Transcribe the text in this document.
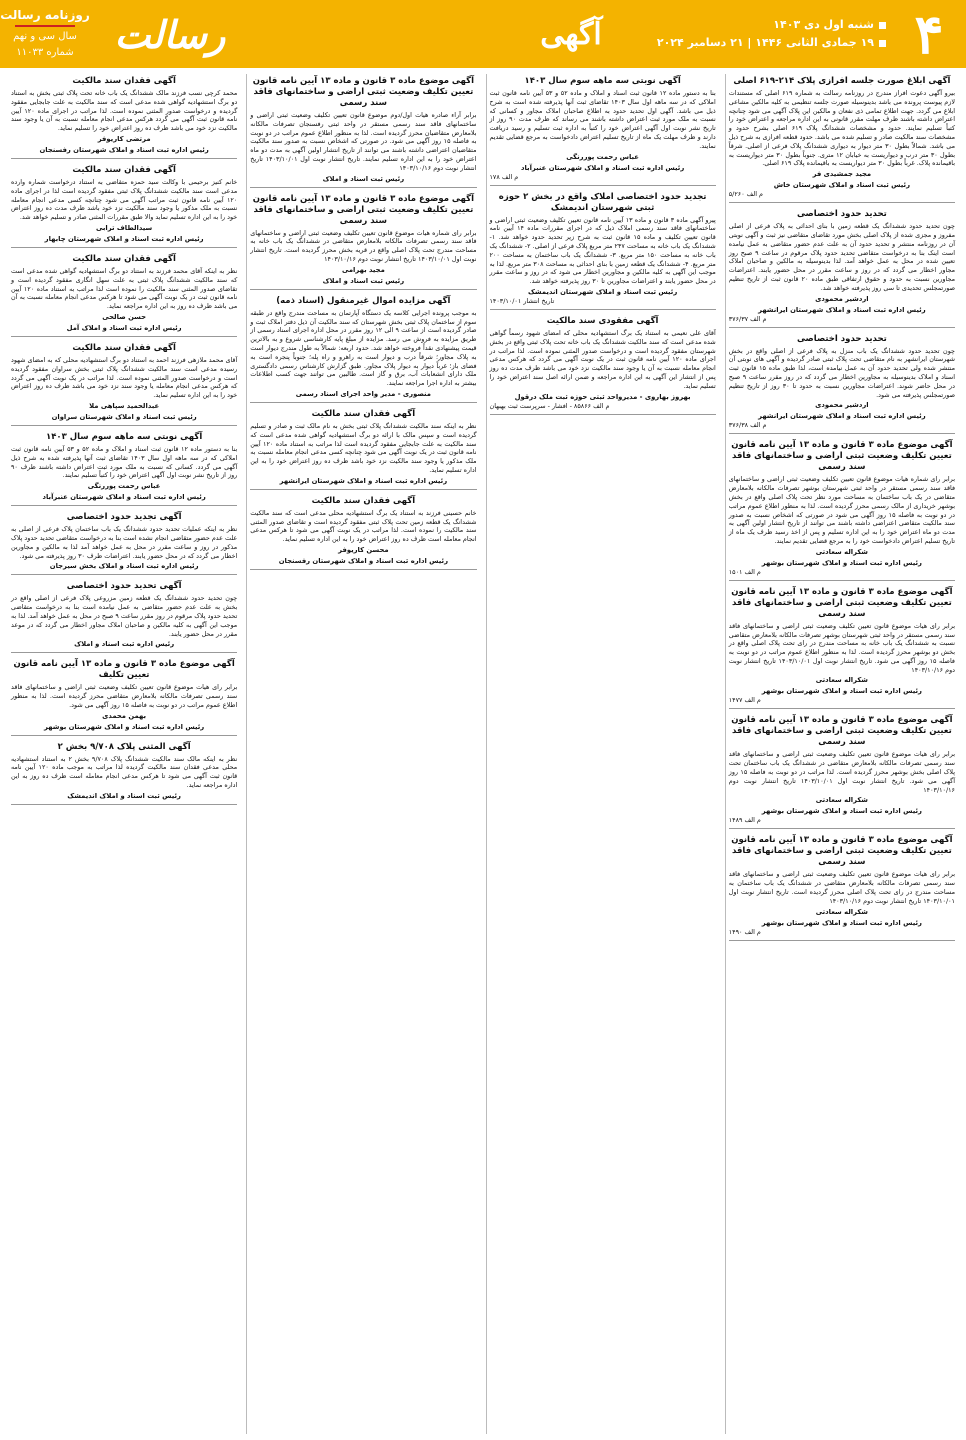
۴
شنبه اول دی ۱۴۰۳
۱۹ جمادی الثانی ۱۴۴۶ | ۲۱ دسامبر ۲۰۲۴
آگهی
رسالت
روزنامه رسالت
سال سی و نهم
شماره ۱۱۰۳۳
آگهی ابلاغ صورت جلسه افرازی پلاک ۲۱۴-۶۱۹ اصلی

بیرو آگهی دعوت افراز مندرج در روزنامه رسالت به شماره ۶۱۹ اصلی که مستندات لازم پیوست پرونده می باشد بدینوسیله صورت جلسه تنظیمی به کلیه مالکین مشاعی ابلاغ می گردد. جهت اطلاع تمامی ذی نفعان و مالکین این پلاک آگهی می شود چنانچه اعتراض داشته باشند ظرف مهلت مقرر قانونی به این اداره مراجعه و اعتراض خود را کتباً تسلیم نمایند. حدود و مشخصات ششدانگ پلاک ۶۱۹ اصلی بشرح حدود و مشخصات سند مالکیت صادر و تسلیم شده می باشد. حدود قطعه افرازی به شرح ذیل می باشد. شمالاً بطول ۳۰ متر دیوار به دیواری ششدانگ پلاک فرعی از اصلی. شرقاً بطول ۳۰ متر درب و دیواریست به خیابان ۱۲ متری. جنوباً بطول ۳۰ متر دیواریست به باقیمانده پلاک. غرباً بطول ۳۰ متر دیواریست به باقیمانده پلاک ۶۱۹ اصلی.

مجید جمشیدی فر
رئیس ثبت اسناد و املاک شهرستان خاش
م الف ۵/۲۶۰
تحدید حدود اختصاصی

چون تحدید حدود ششدانگ یک قطعه زمین با بنای احداثی به پلاک فرعی از اصلی مفروز و مجزی شده از پلاک اصلی بخش مورد تقاضای متقاضی نیز ثبت و آگهی نوبتی آن در روزنامه منتشر و تحدید حدود آن به علت عدم حضور متقاضی به عمل نیامده است اینک بنا به درخواست متقاضی تحدید حدود پلاک مرقوم در ساعت ۹ صبح روز تعیین شده در محل به عمل خواهد آمد. لذا بدینوسیله به مالکین و صاحبان املاک مجاور اخطار می گردد که در روز و ساعت مقرر در محل حضور یابند. اعتراضات مجاورین نسبت به حدود و حقوق ارتفاقی طبق ماده ۲۰ قانون ثبت از تاریخ تنظیم صورتمجلس تحدیدی تا سی روز پذیرفته خواهد شد.

اردشیر محمودی
رئیس اداره ثبت اسناد و املاک شهرستان ایرانشهر
م الف ۳۷۶/۳۷
تحدید حدود اختصاصی

چون تحدید حدود ششدانگ یک باب منزل به پلاک فرعی از اصلی واقع در بخش شهرستان ایرانشهر به نام متقاضی تحت پلاک ثبتی صادر گردیده و آگهی های نوبتی آن منتشر شده ولی تحدید حدود آن به عمل نیامده است، لذا طبق ماده ۱۵ قانون ثبت اسناد و املاک بدینوسیله به مجاورین اخطار می گردد که در روز مقرر ساعت ۹ صبح در محل حاضر شوند. اعتراضات مجاورین نسبت به حدود تا ۳۰ روز از تاریخ تنظیم صورتمجلس پذیرفته می شود.

اردشیر محمودی
رئیس اداره ثبت اسناد و املاک شهرستان ایرانشهر
م الف ۳۷۶/۳۸
آگهی موضوع ماده ۳ قانون و ماده ۱۳ آیین نامه قانون تعیین تکلیف وضعیت ثبتی اراضی و ساختمانهای فاقد سند رسمی

برابر رای شماره هیات موضوع قانون تعیین تکلیف وضعیت ثبتی اراضی و ساختمانهای فاقد سند رسمی مستقر در واحد ثبتی شهرستان بوشهر تصرفات مالکانه بلامعارض متقاضی در یک باب ساختمان به مساحت مورد نظر تحت پلاک اصلی واقع در بخش بوشهر خریداری از مالک رسمی محرز گردیده است. لذا به منظور اطلاع عموم مراتب در دو نوبت به فاصله ۱۵ روز آگهی می شود در صورتی که اشخاص نسبت به صدور سند مالکیت متقاضی اعتراضی داشته باشند می توانند از تاریخ انتشار اولین آگهی به مدت دو ماه اعتراض خود را به این اداره تسلیم و پس از اخذ رسید ظرف یک ماه از تاریخ تسلیم اعتراض دادخواست خود را به مرجع قضایی تقدیم نمایند.

شکراله سعادتی
رئیس اداره ثبت اسناد و املاک شهرستان بوشهر
م الف ۱۵۰۱
آگهی موضوع ماده ۳ قانون و ماده ۱۳ آیین نامه قانون تعیین تکلیف وضعیت ثبتی اراضی و ساختمانهای فاقد سند رسمی

برابر رای هیات موضوع قانون تعیین تکلیف وضعیت ثبتی اراضی و ساختمانهای فاقد سند رسمی مستقر در واحد ثبتی شهرستان بوشهر تصرفات مالکانه بلامعارض متقاضی نسبت به ششدانگ یک باب خانه به مساحت مندرج در رای تحت پلاک اصلی واقع در بخش دو بوشهر محرز گردیده است. لذا به منظور اطلاع عموم مراتب در دو نوبت به فاصله ۱۵ روز آگهی می شود. تاریخ انتشار نوبت اول ۱۴۰۳/۱۰/۰۱ تاریخ انتشار نوبت دوم ۱۴۰۳/۱۰/۱۶

شکراله سعادتی
رئیس اداره ثبت اسناد و املاک شهرستان بوشهر
م الف ۱۴۷۷
آگهی موضوع ماده ۳ قانون و ماده ۱۳ آیین نامه قانون تعیین تکلیف وضعیت ثبتی اراضی و ساختمانهای فاقد سند رسمی

برابر رای هیات موضوع قانون تعیین تکلیف وضعیت ثبتی اراضی و ساختمانهای فاقد سند رسمی تصرفات مالکانه بلامعارض متقاضی در ششدانگ یک باب ساختمان تحت پلاک اصلی بخش بوشهر محرز گردیده است. لذا مراتب در دو نوبت به فاصله ۱۵ روز آگهی می شود. تاریخ انتشار نوبت اول ۱۴۰۳/۱۰/۰۱ تاریخ انتشار نوبت دوم ۱۴۰۳/۱۰/۱۶

شکراله سعادتی
رئیس اداره ثبت اسناد و املاک شهرستان بوشهر
م الف ۱۴۸۹
آگهی موضوع ماده ۳ قانون و ماده ۱۳ آیین نامه قانون تعیین تکلیف وضعیت ثبتی اراضی و ساختمانهای فاقد سند رسمی

برابر رای هیات موضوع قانون تعیین تکلیف وضعیت ثبتی اراضی و ساختمانهای فاقد سند رسمی تصرفات مالکانه بلامعارض متقاضی در ششدانگ یک باب ساختمان به مساحت مندرج در رای تحت پلاک اصلی محرز گردیده است. تاریخ انتشار نوبت اول ۱۴۰۳/۱۰/۰۱ تاریخ انتشار نوبت دوم ۱۴۰۳/۱۰/۱۶

شکراله سعادتی
رئیس اداره ثبت اسناد و املاک شهرستان بوشهر
م الف ۱۴۹۰
آگهی نوبتی سه ماهه سوم سال ۱۴۰۳

بنا به دستور ماده ۱۲ قانون ثبت اسناد و املاک و ماده ۵۲ و ۵۳ آیین نامه قانون ثبت املاکی که در سه ماهه اول سال ۱۴۰۳ تقاضای ثبت آنها پذیرفته شده است به شرح ذیل می باشد. آگهی اول تحدید حدود به اطلاع صاحبان املاک مجاور و کسانی که نسبت به ملک مورد ثبت اعتراض داشته باشند می رساند که ظرف مدت ۹۰ روز از تاریخ نشر نوبت اول آگهی اعتراض خود را کتباً به اداره ثبت تسلیم و رسید دریافت دارند و ظرف مهلت یک ماه از تاریخ تسلیم اعتراض دادخواست به مرجع قضایی تقدیم نمایند.

عباس رحمت پوررنگی
رئیس اداره ثبت اسناد و املاک شهرستان عنبرآباد
م الف ۱۷۸
تجدید حدود اختصاصی املاک واقع در بخش ۲ حوزه ثبتی شهرستان اندیمشک

پیرو آگهی ماده ۳ قانون و ماده ۱۳ آیین نامه قانون تعیین تکلیف وضعیت ثبتی اراضی و ساختمانهای فاقد سند رسمی املاک ذیل که در اجرای مقررات ماده ۱۴ آیین نامه قانون تعیین تکلیف و ماده ۱۵ قانون ثبت به شرح زیر تحدید حدود خواهد شد. ۱- ششدانگ یک باب خانه به مساحت ۲۴۷ متر مربع پلاک فرعی از اصلی. ۲- ششدانگ یک باب خانه به مساحت ۱۵۰ متر مربع. ۳- ششدانگ یک باب ساختمان به مساحت ۲۰۰ متر مربع. ۴- ششدانگ یک قطعه زمین با بنای احداثی به مساحت ۳۰۸ متر مربع. لذا به موجب این آگهی به کلیه مالکین و مجاورین اخطار می شود که در روز و ساعت مقرر در محل حضور یابند و اعتراضات مجاورین تا ۳۰ روز پذیرفته خواهد شد.

رئیس ثبت اسناد و املاک شهرستان اندیمشک
تاریخ انتشار ۱۴۰۳/۱۰/۰۱
آگهی مفقودی سند مالکیت

آقای علی نعیمی به استناد یک برگ استشهادیه محلی که امضای شهود رسماً گواهی شده مدعی است که سند مالکیت ششدانگ یک باب خانه تحت پلاک ثبتی واقع در بخش شهرستان مفقود گردیده است و درخواست صدور المثنی نموده است. لذا مراتب در اجرای ماده ۱۲۰ آیین نامه قانون ثبت در یک نوبت آگهی می گردد که هرکس مدعی انجام معامله نسبت به آن یا وجود سند مالکیت نزد خود می باشد ظرف مدت ده روز پس از انتشار این آگهی به این اداره مراجعه و ضمن ارائه اصل سند اعتراض خود را تسلیم نماید.

بهروز بهاروی - مدیرواحد ثبتی حوزه ثبت ملک درقول
م الف ۸۵۸۶۶ - افشار - سرپرست ثبت بهبهان
آگهی موضوع ماده ۳ قانون و ماده ۱۳ آیین نامه قانون تعیین تکلیف وضعیت ثبتی اراضی و ساختمانهای فاقد سند رسمی

برابر آراء صادره هیات اول/دوم موضوع قانون تعیین تکلیف وضعیت ثبتی اراضی و ساختمانهای فاقد سند رسمی مستقر در واحد ثبتی رفسنجان تصرفات مالکانه بلامعارض متقاضیان محرز گردیده است. لذا به منظور اطلاع عموم مراتب در دو نوبت به فاصله ۱۵ روز آگهی می شود. در صورتی که اشخاص نسبت به صدور سند مالکیت متقاضیان اعتراضی داشته باشند می توانند از تاریخ انتشار اولین آگهی به مدت دو ماه اعتراض خود را به این اداره تسلیم نمایند. تاریخ انتشار نوبت اول ۱۴۰۳/۱۰/۰۱ تاریخ انتشار نوبت دوم ۱۴۰۳/۱۰/۱۶

رئیس ثبت اسناد و املاک
آگهی موضوع ماده ۳ قانون و ماده ۱۳ آیین نامه قانون تعیین تکلیف وضعیت ثبتی اراضی و ساختمانهای فاقد سند رسمی

برابر رای شماره هیات موضوع قانون تعیین تکلیف وضعیت ثبتی اراضی و ساختمانهای فاقد سند رسمی تصرفات مالکانه بلامعارض متقاضی در ششدانگ یک باب خانه به مساحت مندرج تحت پلاک اصلی واقع در قریه بخش محرز گردیده است. تاریخ انتشار نوبت اول ۱۴۰۳/۱۰/۰۱ تاریخ انتشار نوبت دوم ۱۴۰۳/۱۰/۱۶

مجید بهرامی
رئیس ثبت اسناد و املاک
آگهی مزایده اموال غیرمنقول (اسناد ذمه)

به موجب پرونده اجرایی کلاسه یک دستگاه آپارتمان به مساحت مندرج واقع در طبقه سوم از ساختمان پلاک ثبتی بخش شهرستان که سند مالکیت آن ذیل دفتر املاک ثبت و صادر گردیده است از ساعت ۹ الی ۱۲ روز مقرر در محل اداره اجرای اسناد رسمی از طریق مزایده به فروش می رسد. مزایده از مبلغ پایه کارشناسی شروع و به بالاترین قیمت پیشنهادی نقداً فروخته خواهد شد. حدود اربعه: شمالاً به طول مندرج دیوار است به پلاک مجاور؛ شرقاً درب و دیوار است به راهرو و راه پله؛ جنوباً پنجره است به فضای باز؛ غرباً دیوار به دیوار پلاک مجاور. طبق گزارش کارشناس رسمی دادگستری ملک دارای انشعابات آب، برق و گاز است. طالبین می توانند جهت کسب اطلاعات بیشتر به اداره اجرا مراجعه نمایند.

منصوری - مدیر واحد اجرای اسناد رسمی
آگهی فقدان سند مالکیت

نظر به اینکه سند مالکیت ششدانگ پلاک ثبتی بخش به نام مالک ثبت و صادر و تسلیم گردیده است و سپس مالک با ارائه دو برگ استشهادیه گواهی شده مدعی است که سند مالکیت به علت جابجایی مفقود گردیده است لذا مراتب به استناد ماده ۱۲۰ آیین نامه قانون ثبت در یک نوبت آگهی می شود چنانچه کسی مدعی انجام معامله نسبت به ملک مذکور یا وجود سند مالکیت نزد خود باشد ظرف ده روز اعتراض خود را به این اداره تسلیم نماید.

رئیس اداره ثبت اسناد و املاک شهرستان ایرانشهر
آگهی فقدان سند مالکیت

خانم حسینی فرزند به استناد یک برگ استشهادیه محلی مدعی است که سند مالکیت ششدانگ یک قطعه زمین تحت پلاک ثبتی مفقود گردیده است و تقاضای صدور المثنی سند مالکیت را نموده است. لذا مراتب در یک نوبت آگهی می شود تا هرکس مدعی انجام معامله است ظرف ده روز اعتراض خود را به این اداره تسلیم نماید.

محسن کاریوفر
رئیس اداره ثبت اسناد و املاک شهرستان رفسنجان
آگهی فقدان سند مالکیت

محمد کرچی نسب فرزند مالک ششدانگ یک باب خانه تحت پلاک ثبتی بخش به استناد دو برگ استشهادیه گواهی شده مدعی است که سند مالکیت به علت جابجایی مفقود گردیده و درخواست صدور المثنی نموده است. لذا مراتب در اجرای ماده ۱۲۰ آیین نامه قانون ثبت آگهی می گردد هرکس مدعی انجام معامله نسبت به آن یا وجود سند مالکیت نزد خود می باشد ظرف ده روز اعتراض خود را تسلیم نماید.

مرتضی کاریوفر
رئیس اداره ثبت اسناد و املاک شهرستان رفسنجان
آگهی فقدان سند مالکیت

خانم کنیز برحیمی با وکالت سید حمزه متقاضی به استناد درخواست شماره وارده مدعی است سند مالکیت ششدانگ پلاک ثبتی مفقود گردیده است لذا در اجرای ماده ۱۲۰ آیین نامه قانون ثبت مراتب آگهی می شود چنانچه کسی مدعی انجام معامله نسبت به ملک مذکور یا وجود سند مالکیت نزد خود باشد ظرف مدت ده روز اعتراض خود را به این اداره تسلیم نماید والا طبق مقررات المثنی صادر و تسلیم خواهد شد.

سیدالطاف ترابی
رئیس اداره ثبت اسناد و املاک شهرستان چابهار
آگهی فقدان سند مالکیت

نظر به اینکه آقای محمد فرزند به استناد دو برگ استشهادیه گواهی شده مدعی است که سند مالکیت ششدانگ پلاک ثبتی به علت سهل انگاری مفقود گردیده است و تقاضای صدور المثنی سند مالکیت را نموده است لذا مراتب به استناد ماده ۱۲۰ آیین نامه قانون ثبت در یک نوبت آگهی می شود تا هرکس مدعی انجام معامله نسبت به آن می باشد ظرف ده روز به این اداره مراجعه نماید.

حسن صالحی
رئیس اداره ثبت اسناد و املاک آمل
آگهی فقدان سند مالکیت

آقای محمد ملازهی فرزند احمد به استناد دو برگ استشهادیه محلی که به امضای شهود رسیده مدعی است سند مالکیت ششدانگ پلاک ثبتی بخش سراوان مفقود گردیده است و درخواست صدور المثنی نموده است. لذا مراتب در یک نوبت آگهی می گردد که هرکس مدعی انجام معامله یا وجود سند نزد خود می باشد ظرف ده روز اعتراض خود را به این اداره تسلیم نماید.

عبدالحمید سپاهی ملا
رئیس ثبت اسناد و املاک شهرستان سراوان
آگهی نوبتی سه ماهه سوم سال ۱۴۰۳

بنا به دستور ماده ۱۲ قانون ثبت اسناد و املاک و ماده ۵۲ و ۵۳ آیین نامه قانون ثبت املاکی که در سه ماهه اول سال ۱۴۰۳ تقاضای ثبت آنها پذیرفته شده به شرح ذیل آگهی می گردد. کسانی که نسبت به ملک مورد ثبت اعتراض داشته باشند ظرف ۹۰ روز از تاریخ نشر نوبت اول آگهی اعتراض خود را کتباً تسلیم نمایند.

عباس رحمت پوررنگی
رئیس اداره ثبت اسناد و املاک شهرستان عنبرآباد
آگهی تجدید حدود اختصاصی

نظر به اینکه عملیات تحدید حدود ششدانگ یک باب ساختمان پلاک فرعی از اصلی به علت عدم حضور متقاضی انجام نشده است بنا به درخواست متقاضی تحدید حدود پلاک مذکور در روز و ساعت مقرر در محل به عمل خواهد آمد لذا به مالکین و مجاورین اخطار می گردد که در محل حضور یابند. اعتراضات ظرف ۳۰ روز پذیرفته می شود.

رئیس اداره ثبت اسناد و املاک بخش سیرجان
آگهی تحدید حدود اختصاصی

چون تحدید حدود ششدانگ یک قطعه زمین مزروعی پلاک فرعی از اصلی واقع در بخش به علت عدم حضور متقاضی به عمل نیامده است بنا به درخواست متقاضی تحدید حدود پلاک مرقوم در روز مقرر ساعت ۹ صبح در محل به عمل خواهد آمد. لذا به موجب این آگهی به کلیه مالکین و صاحبان املاک مجاور اخطار می گردد که در موعد مقرر در محل حضور یابند.

رئیس اداره ثبت اسناد و املاک
آگهی موضوع ماده ۳ قانون و ماده ۱۳ آیین نامه قانون تعیین تکلیف

برابر رای هیات موضوع قانون تعیین تکلیف وضعیت ثبتی اراضی و ساختمانهای فاقد سند رسمی تصرفات مالکانه بلامعارض متقاضی محرز گردیده است. لذا به منظور اطلاع عموم مراتب در دو نوبت به فاصله ۱۵ روز آگهی می شود.

بهمن محمدی
رئیس اداره ثبت اسناد و املاک شهرستان بوشهر
آگهی المثنی پلاک ۹/۷۰۸ بخش ۲

نظر به اینکه مالک سند مالکیت ششدانگ پلاک ۹/۷۰۸ بخش ۲ به استناد استشهادیه محلی مدعی فقدان سند مالکیت گردیده لذا مراتب به موجب ماده ۱۲۰ آیین نامه قانون ثبت آگهی می شود تا هرکس مدعی انجام معامله است ظرف ده روز به این اداره مراجعه نماید.

رئیس ثبت اسناد و املاک اندیمشک
